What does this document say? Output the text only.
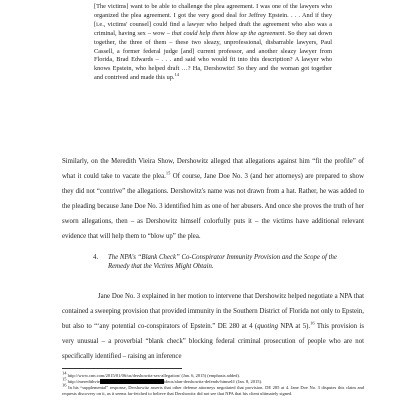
[The victims] want to be able to challenge the plea agreement. I was one of the lawyers who organized the plea agreement. I got the very good deal for Jeffrey Epstein. . . . And if they [i.e., victims' counsel] could find a lawyer who helped draft the agreement who also was a criminal, having sex – wow – that could help them blow up the agreement. So they sat down together, the three of them – these two sleazy, unprofessional, disbarrable lawyers, Paul Cassell, a former federal judge [and] current professor, and another sleazy lawyer from Florida, Brad Edwards – . . . and said who would fit into this description? A lawyer who knows Epstein, who helped draft …? Ha, Dershowitz! So they and the woman got together and contrived and made this up.$^{14}$

Similarly, on the Meredith Vieira Show, Dershowitz alleged that allegations against him “fit the profile” of what it could take to vacate the plea.$^{15}$ Of course, Jane Doe No. 3 (and her attorneys) are prepared to show they did not “contrive” the allegations. Dershowitz's name was not drawn from a hat. Rather, he was added to the pleading because Jane Doe No. 3 identified him as one of her abusers. And once she proves the truth of her sworn allegations, then – as Dershowitz himself colorfully puts it – the victims have additional relevant evidence that will help them to “blow up” the plea.

4.	The NPA's “Blank Check” Co-Conspirator Immunity Provision and the Scope of the Remedy that the Victims Might Obtain.

Jane Doe No. 3 explained in her motion to intervene that Dershowitz helped negotiate a NPA that contained a sweeping provision that provided immunity in the Southern District of Florida not only to Epstein, but also to “‘any potential co-conspirators of Epstein.” DE 280 at 4 (quoting NPA at 5).$^{16}$ This provision is very unusual – a proverbial “blank check” blocking federal criminal prosecution of people who are not specifically identified – raising an inference

14 http://www.cnn.com/2015/01/06/us/dershowitz-sex-allegation/ (Jan. 6, 2015) (emphasis added).
15 http://meredithvie	ideos/alan-dershowitz-defends-himself/ (Jan. 8, 2015).
16 In his “supplemental” response, Dershowitz asserts that other defense attorneys negotiated that provision. DE 285 at 4. Jane Doe No. 3 disputes this claim and requests discovery on it, as it seems far-fetched to believe that Dershowitz did not see that NPA that his client ultimately signed.
